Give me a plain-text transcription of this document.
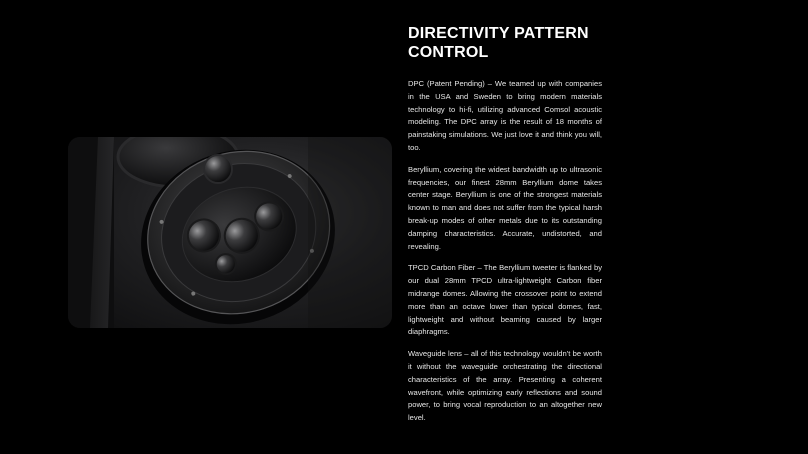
DIRECTIVITY PATTERN CONTROL

DPC (Patent Pending) – We teamed up with companies in the USA and Sweden to bring modern materials technology to hi-fi, utilizing advanced Comsol acoustic modeling. The DPC array is the result of 18 months of painstaking simulations. We just love it and think you will, too.

Beryllium, covering the widest bandwidth up to ultrasonic frequencies, our finest 28mm Beryllium dome takes center stage. Beryllium is one of the strongest materials known to man and does not suffer from the typical harsh break-up modes of other metals due to its outstanding damping characteristics. Accurate, undistorted, and revealing.

TPCD Carbon Fiber – The Beryllium tweeter is flanked by our dual 28mm TPCD ultra-lightweight Carbon fiber midrange domes. Allowing the crossover point to extend more than an octave lower than typical domes, fast, lightweight and without beaming caused by larger diaphragms.

Waveguide lens – all of this technology wouldn't be worth it without the waveguide orchestrating the directional characteristics of the array. Presenting a coherent wavefront, while optimizing early reflections and sound power, to bring vocal reproduction to an altogether new level.
